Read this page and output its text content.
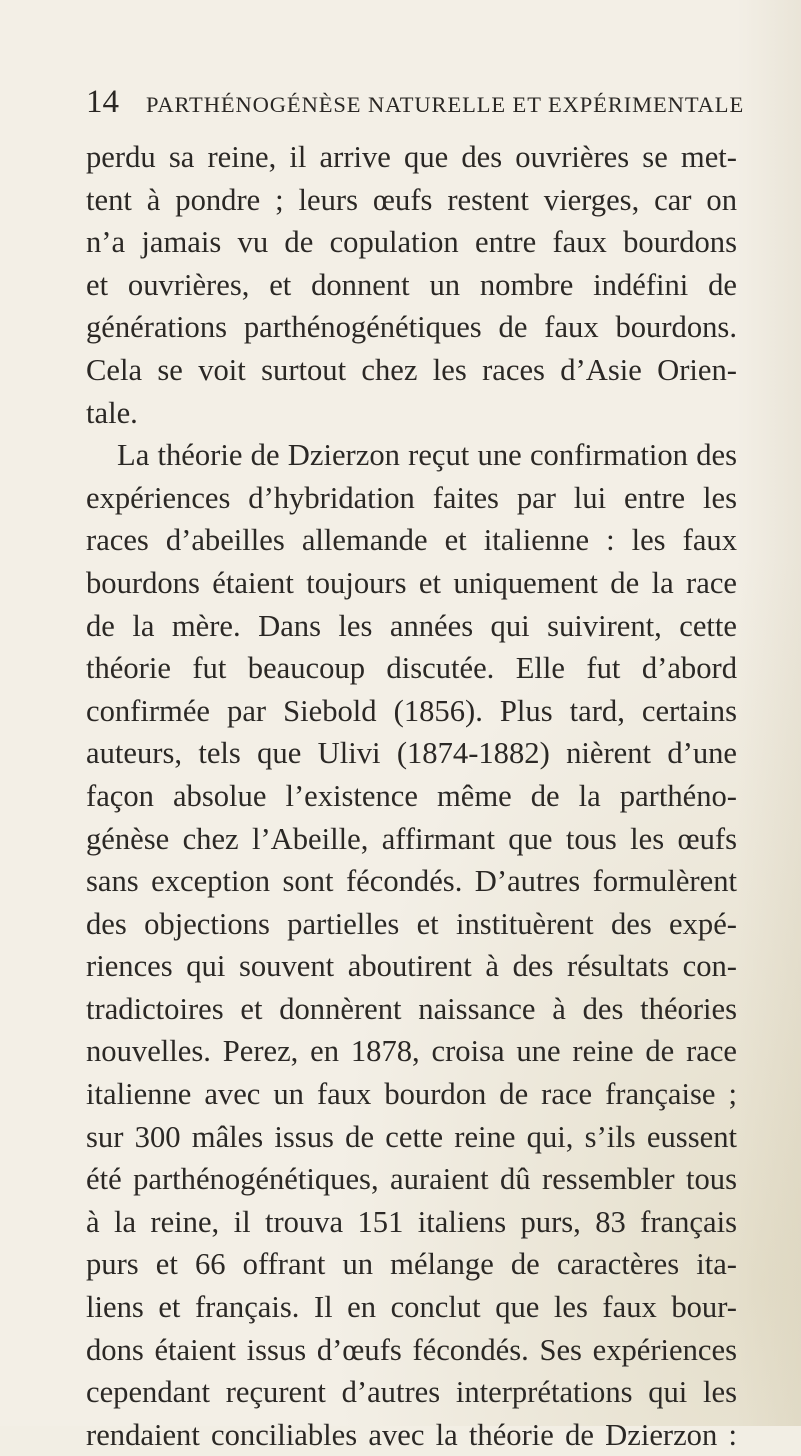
14 PARTHÉNOGÉNÈSE NATURELLE ET EXPÉRIMENTALE
perdu sa reine, il arrive que des ouvrières se met-
tent à pondre ; leurs œufs restent vierges, car on
n’a jamais vu de copulation entre faux bourdons
et ouvrières, et donnent un nombre indéfini de
générations parthénogénétiques de faux bourdons.
Cela se voit surtout chez les races d’Asie Orien-
tale.
La théorie de Dzierzon reçut une confirmation des
expériences d’hybridation faites par lui entre les
races d’abeilles allemande et italienne : les faux
bourdons étaient toujours et uniquement de la race
de la mère. Dans les années qui suivirent, cette
théorie fut beaucoup discutée. Elle fut d’abord
confirmée par Siebold (1856). Plus tard, certains
auteurs, tels que Ulivi (1874-1882) nièrent d’une
façon absolue l’existence même de la parthéno-
génèse chez l’Abeille, affirmant que tous les œufs
sans exception sont fécondés. D’autres formulèrent
des objections partielles et instituèrent des expé-
riences qui souvent aboutirent à des résultats con-
tradictoires et donnèrent naissance à des théories
nouvelles. Perez, en 1878, croisa une reine de race
italienne avec un faux bourdon de race française ;
sur 300 mâles issus de cette reine qui, s’ils eussent
été parthénogénétiques, auraient dû ressembler tous
à la reine, il trouva 151 italiens purs, 83 français
purs et 66 offrant un mélange de caractères ita-
liens et français. Il en conclut que les faux bour-
dons étaient issus d’œufs fécondés. Ses expériences
cependant reçurent d’autres interprétations qui les
rendaient conciliables avec la théorie de Dzierzon :
